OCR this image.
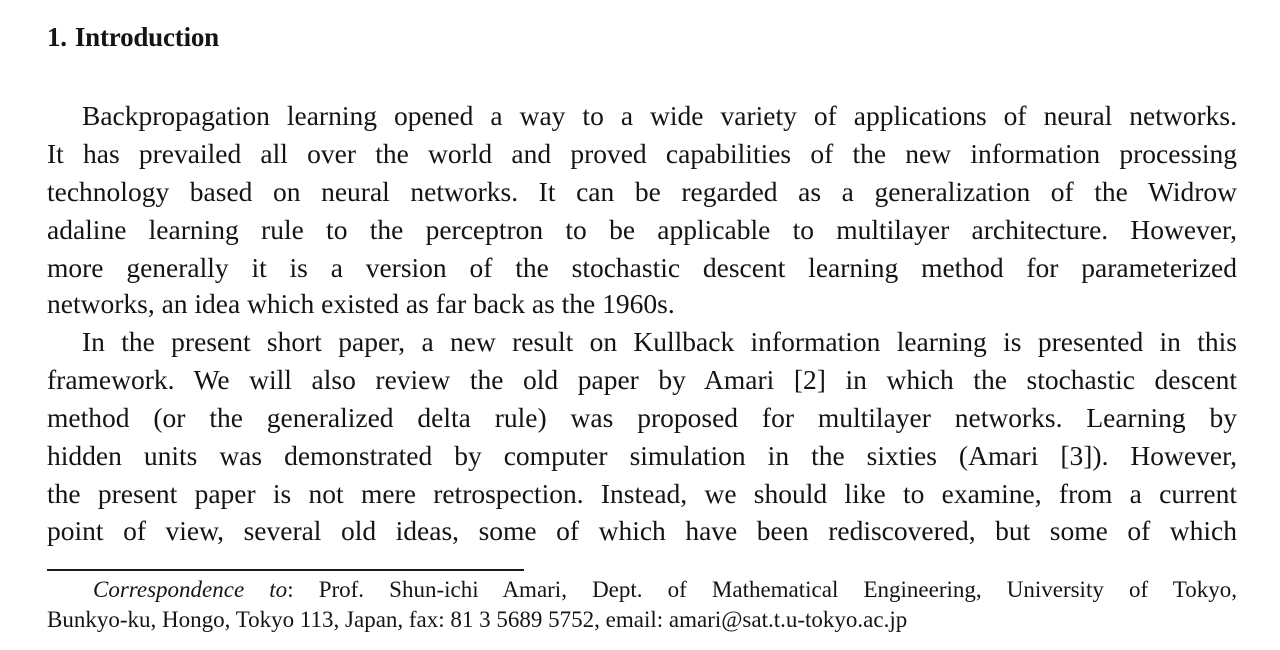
1. Introduction
Backpropagation learning opened a way to a wide variety of applications of neural networks.
It has prevailed all over the world and proved capabilities of the new information processing
technology based on neural networks. It can be regarded as a generalization of the Widrow
adaline learning rule to the perceptron to be applicable to multilayer architecture. However,
more generally it is a version of the stochastic descent learning method for parameterized
networks, an idea which existed as far back as the 1960s.
In the present short paper, a new result on Kullback information learning is presented in this
framework. We will also review the old paper by Amari [2] in which the stochastic descent
method (or the generalized delta rule) was proposed for multilayer networks. Learning by
hidden units was demonstrated by computer simulation in the sixties (Amari [3]). However,
the present paper is not mere retrospection. Instead, we should like to examine, from a current
point of view, several old ideas, some of which have been rediscovered, but some of which
Correspondence to: Prof. Shun-ichi Amari, Dept. of Mathematical Engineering, University of Tokyo,
Bunkyo-ku, Hongo, Tokyo 113, Japan, fax: 81 3 5689 5752, email: amari@sat.t.u-tokyo.ac.jp
